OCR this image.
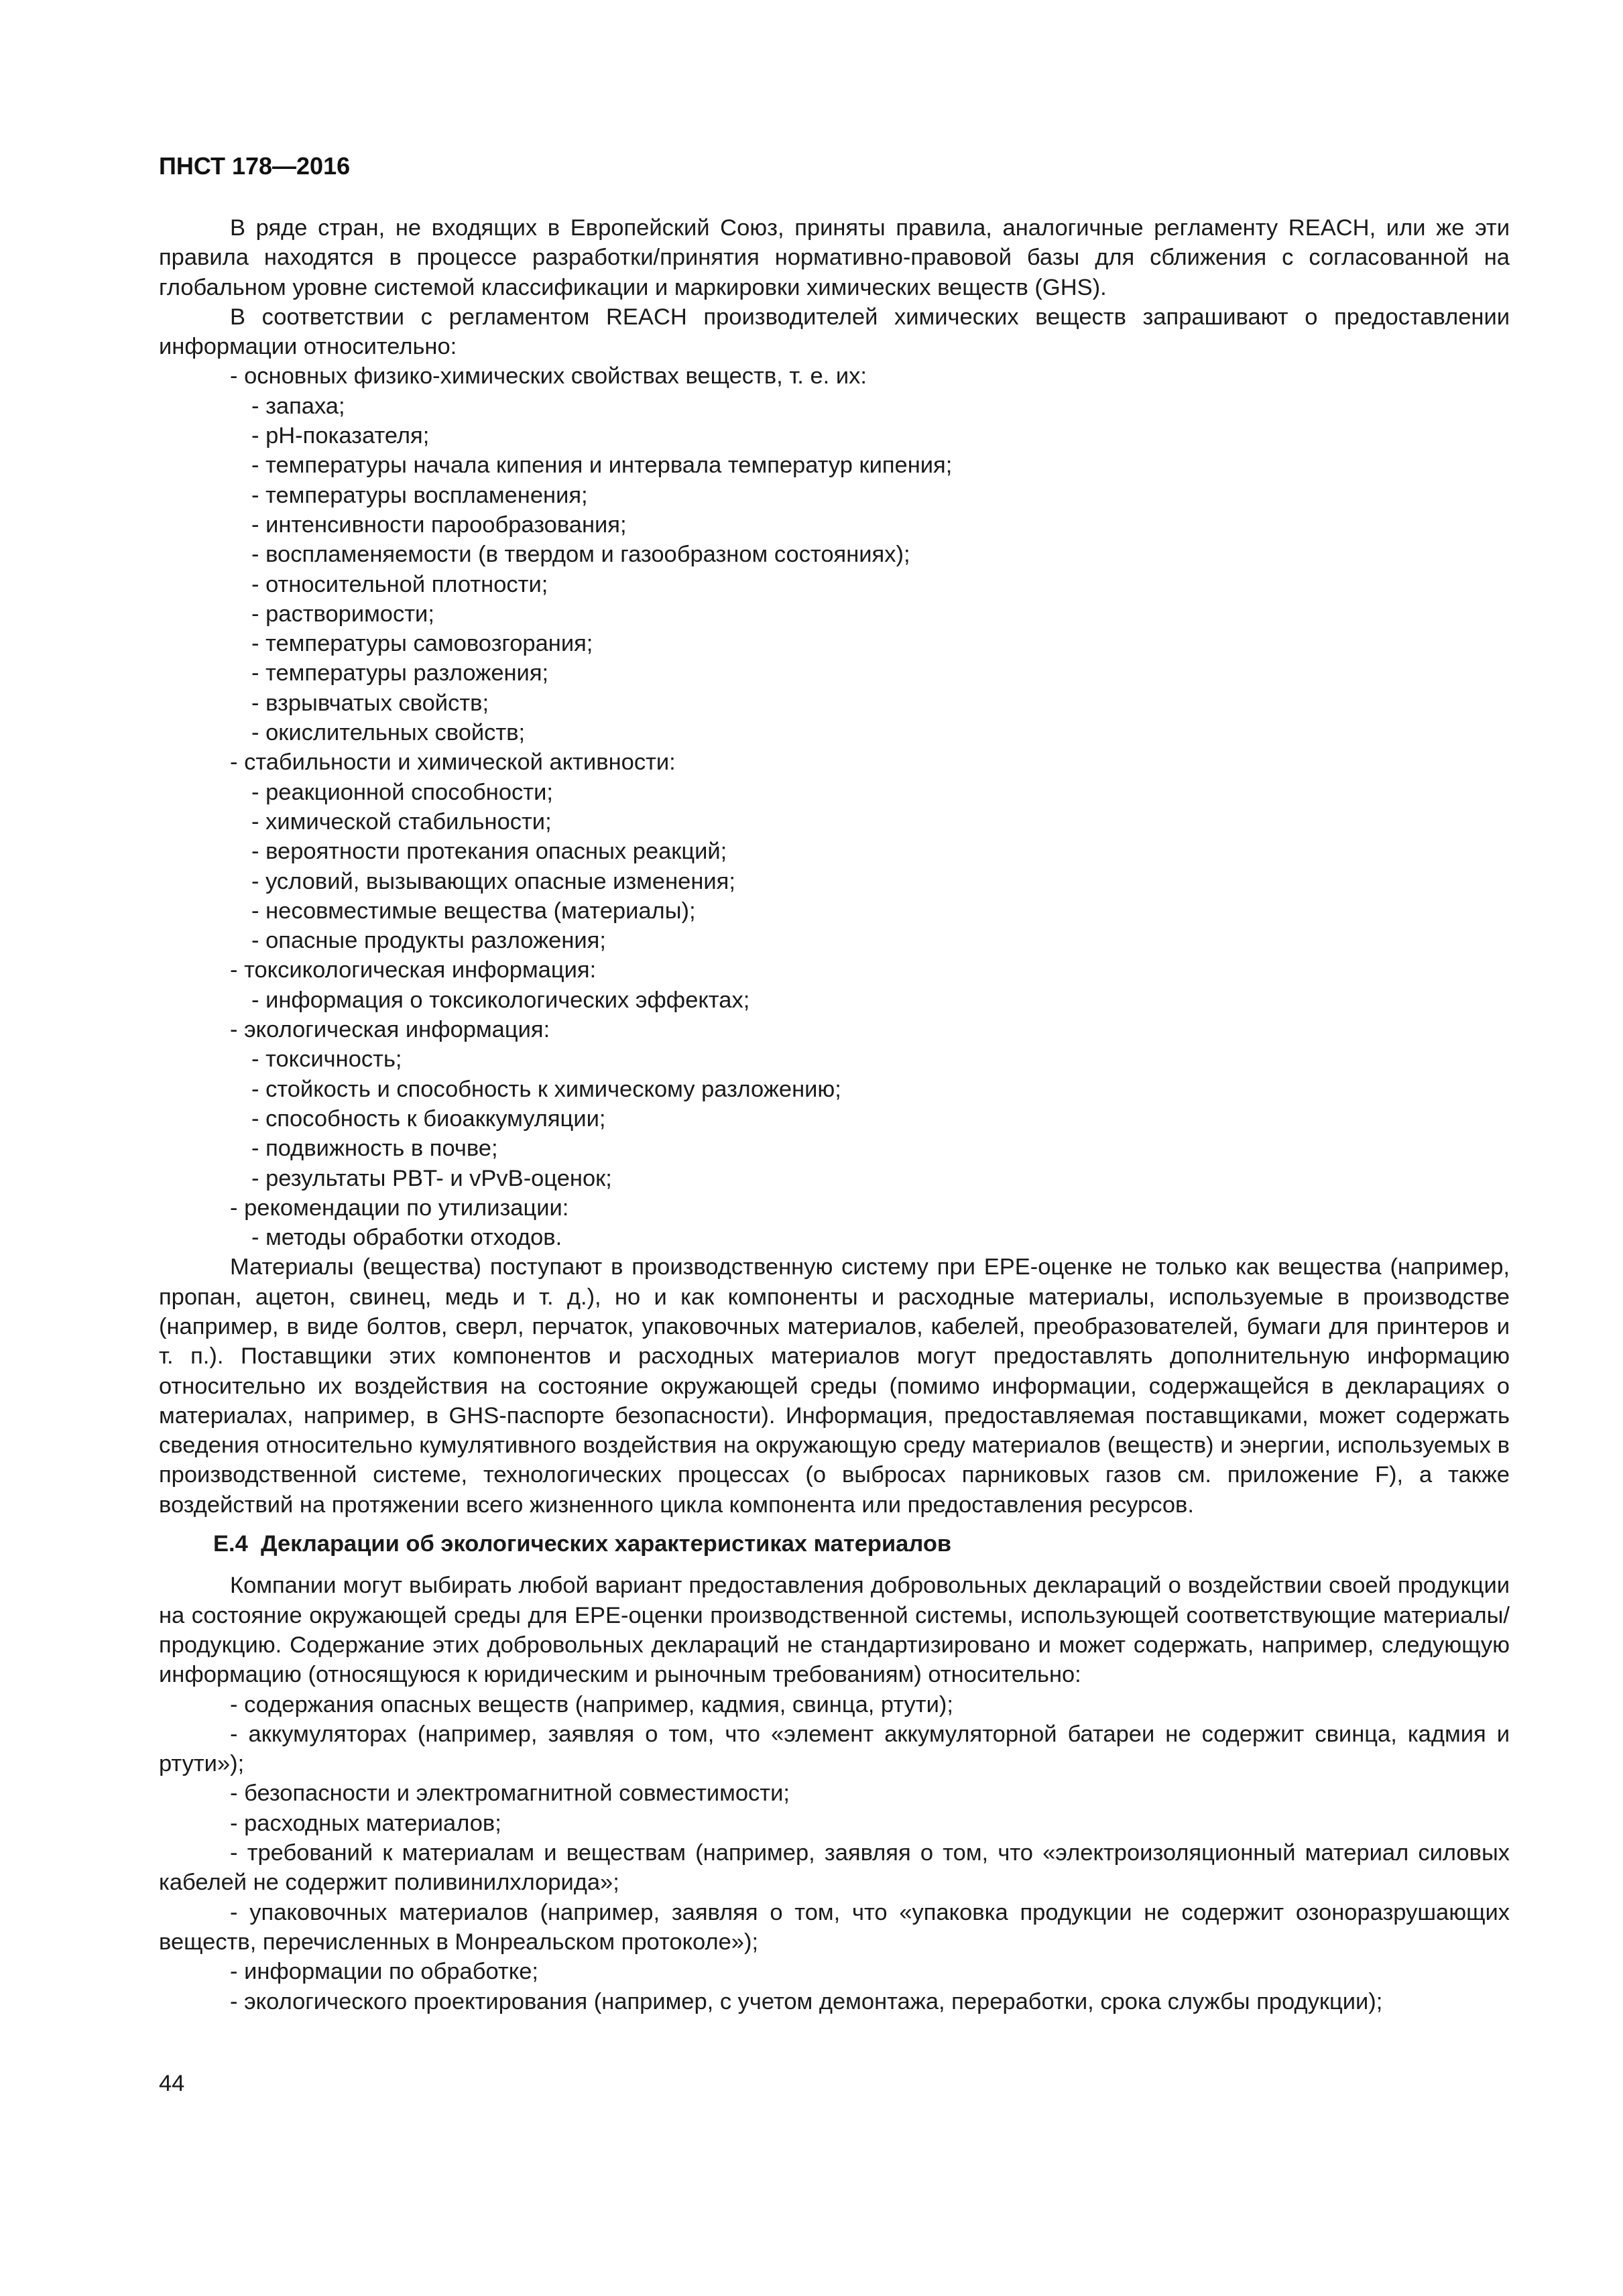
ПНСТ 178—2016

В ряде стран, не входящих в Европейский Союз, приняты правила, аналогичные регламенту REACH, или же эти правила находятся в процессе разработки/принятия нормативно-правовой базы для сближения с согласованной на глобальном уровне системой классификации и маркировки химических веществ (GHS).

В соответствии с регламентом REACH производителей химических веществ запрашивают о предоставлении информации относительно:

- основных физико-химических свойствах веществ, т. е. их:

- запаха;

- pH-показателя;

- температуры начала кипения и интервала температур кипения;

- температуры воспламенения;

- интенсивности парообразования;

- воспламеняемости (в твердом и газообразном состояниях);

- относительной плотности;

- растворимости;

- температуры самовозгорания;

- температуры разложения;

- взрывчатых свойств;

- окислительных свойств;

- стабильности и химической активности:

- реакционной способности;

- химической стабильности;

- вероятности протекания опасных реакций;

- условий, вызывающих опасные изменения;

- несовместимые вещества (материалы);

- опасные продукты разложения;

- токсикологическая информация:

- информация о токсикологических эффектах;

- экологическая информация:

- токсичность;

- стойкость и способность к химическому разложению;

- способность к биоаккумуляции;

- подвижность в почве;

- результаты PBT- и vPvB-оценок;

- рекомендации по утилизации:

- методы обработки отходов.

Материалы (вещества) поступают в производственную систему при EPE-оценке не только как вещества (например, пропан, ацетон, свинец, медь и т. д.), но и как компоненты и расходные материалы, используемые в производстве (например, в виде болтов, сверл, перчаток, упаковочных материалов, кабелей, преобразователей, бумаги для принтеров и т. п.). Поставщики этих компонентов и расходных материалов могут предоставлять дополнительную информацию относительно их воздействия на состояние окружающей среды (помимо информации, содержащейся в декларациях о материалах, например, в GHS-паспорте безопасности). Информация, предоставляемая поставщиками, может содержать сведения относительно кумулятивного воздействия на окружающую среду материалов (веществ) и энергии, используемых в производственной системе, технологических процессах (о выбросах парниковых газов см. приложение F), а также воздействий на протяжении всего жизненного цикла компонента или предоставления ресурсов.

E.4 Декларации об экологических характеристиках материалов

Компании могут выбирать любой вариант предоставления добровольных деклараций о воздействии своей продукции на состояние окружающей среды для EPE-оценки производственной системы, использующей соответствующие материалы/продукцию. Содержание этих добровольных деклараций не стандартизировано и может содержать, например, следующую информацию (относящуюся к юридическим и рыночным требованиям) относительно:

- содержания опасных веществ (например, кадмия, свинца, ртути);

- аккумуляторах (например, заявляя о том, что «элемент аккумуляторной батареи не содержит свинца, кадмия и ртути»);

- безопасности и электромагнитной совместимости;

- расходных материалов;

- требований к материалам и веществам (например, заявляя о том, что «электроизоляционный материал силовых кабелей не содержит поливинилхлорида»;

- упаковочных материалов (например, заявляя о том, что «упаковка продукции не содержит озоноразрушающих веществ, перечисленных в Монреальском протоколе»);

- информации по обработке;

- экологического проектирования (например, с учетом демонтажа, переработки, срока службы продукции);

44
